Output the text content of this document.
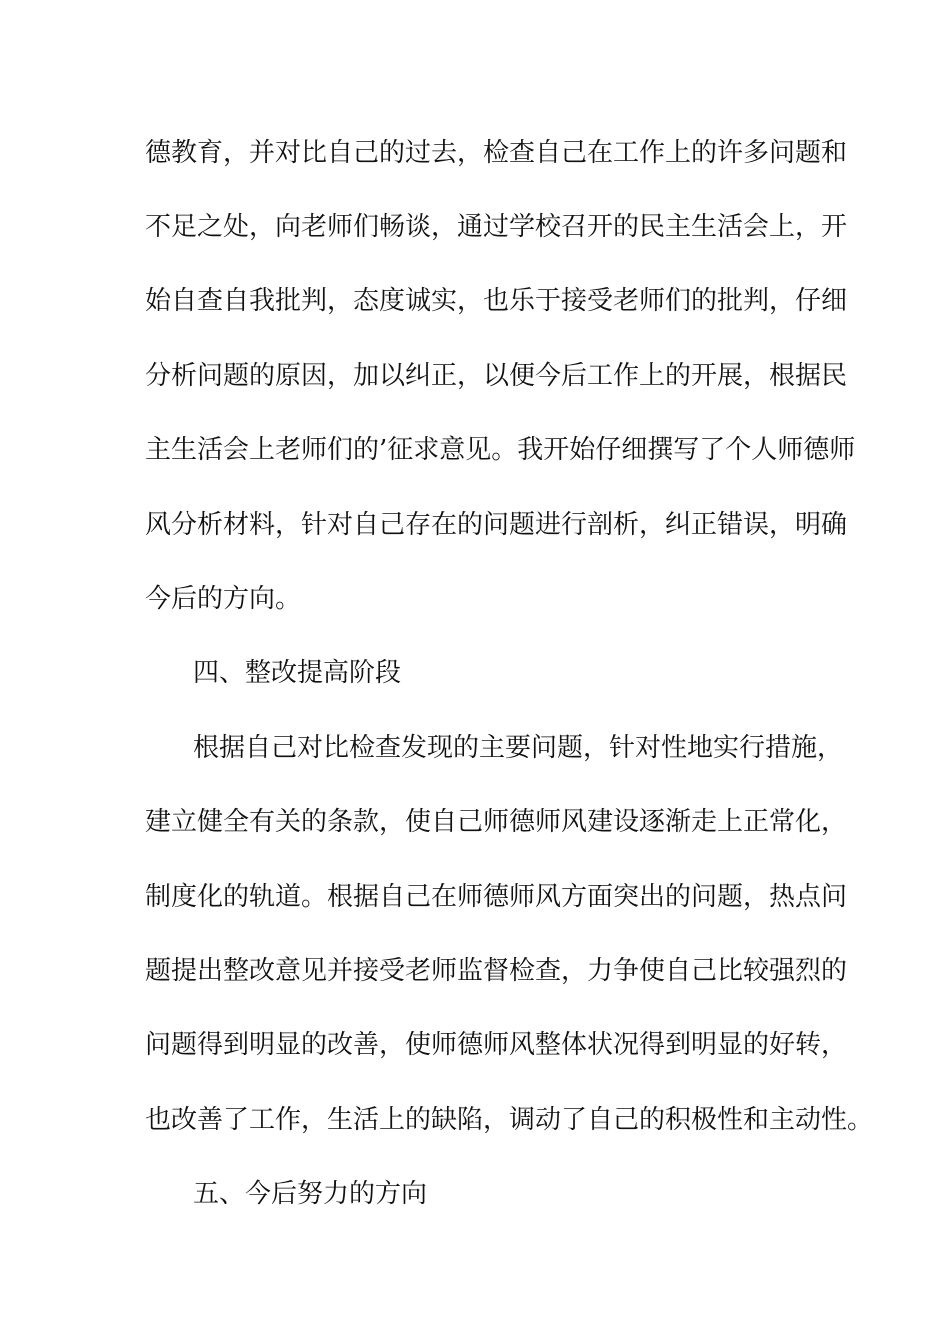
德教育，并对比自己的过去，检查自己在工作上的许多问题和
不足之处，向老师们畅谈，通过学校召开的民主生活会上，开
始自查自我批判，态度诚实，也乐于接受老师们的批判，仔细
分析问题的原因，加以纠正，以便今后工作上的开展，根据民
主生活会上老师们的’征求意见。我开始仔细撰写了个人师德师
风分析材料，针对自己存在的问题进行剖析，纠正错误，明确
今后的方向。
四、整改提高阶段
根据自己对比检查发现的主要问题，针对性地实行措施，
建立健全有关的条款，使自己师德师风建设逐渐走上正常化，
制度化的轨道。根据自己在师德师风方面突出的问题，热点问
题提出整改意见并接受老师监督检查，力争使自己比较强烈的
问题得到明显的改善，使师德师风整体状况得到明显的好转，
也改善了工作，生活上的缺陷，调动了自己的积极性和主动性。
五、今后努力的方向
